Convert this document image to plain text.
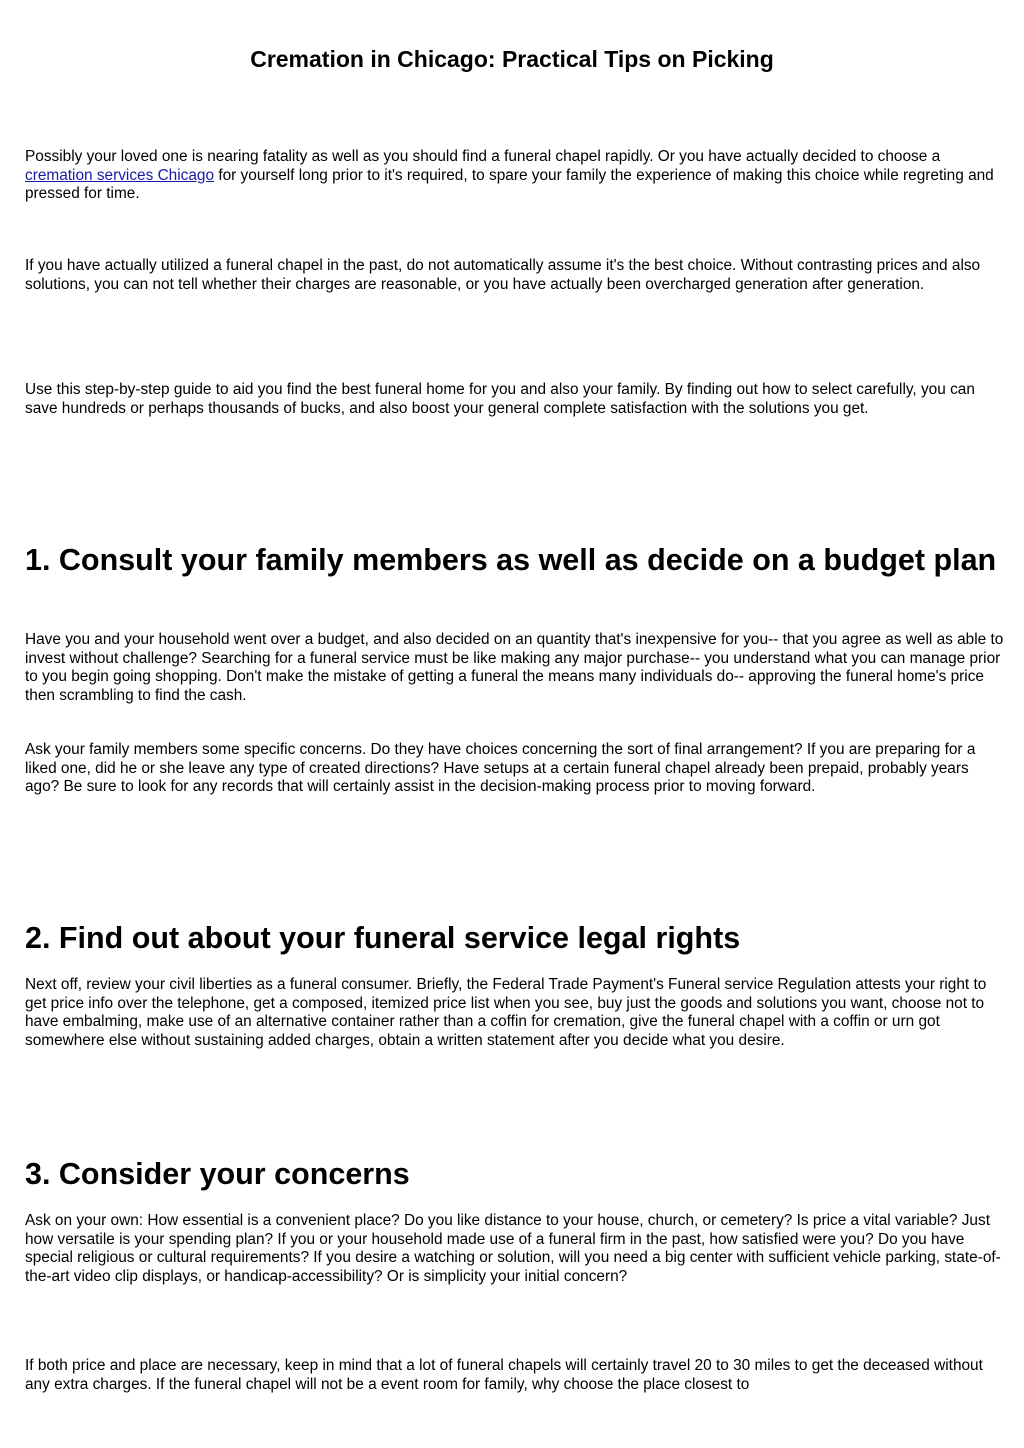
Cremation in Chicago: Practical Tips on Picking

Possibly your loved one is nearing fatality as well as you should find a funeral chapel rapidly. Or you have actually decided to choose a cremation services Chicago for yourself long prior to it's required, to spare your family the experience of making this choice while regreting and pressed for time.

If you have actually utilized a funeral chapel in the past, do not automatically assume it's the best choice. Without contrasting prices and also solutions, you can not tell whether their charges are reasonable, or you have actually been overcharged generation after generation.

Use this step-by-step guide to aid you find the best funeral home for you and also your family. By finding out how to select carefully, you can save hundreds or perhaps thousands of bucks, and also boost your general complete satisfaction with the solutions you get.

1. Consult your family members as well as decide on a budget plan

Have you and your household went over a budget, and also decided on an quantity that's inexpensive for you-- that you agree as well as able to invest without challenge? Searching for a funeral service must be like making any major purchase-- you understand what you can manage prior to you begin going shopping. Don't make the mistake of getting a funeral the means many individuals do-- approving the funeral home's price then scrambling to find the cash.

Ask your family members some specific concerns. Do they have choices concerning the sort of final arrangement? If you are preparing for a liked one, did he or she leave any type of created directions? Have setups at a certain funeral chapel already been prepaid, probably years ago? Be sure to look for any records that will certainly assist in the decision-making process prior to moving forward.

2. Find out about your funeral service legal rights

Next off, review your civil liberties as a funeral consumer. Briefly, the Federal Trade Payment's Funeral service Regulation attests your right to get price info over the telephone, get a composed, itemized price list when you see, buy just the goods and solutions you want, choose not to have embalming, make use of an alternative container rather than a coffin for cremation, give the funeral chapel with a coffin or urn got somewhere else without sustaining added charges, obtain a written statement after you decide what you desire.

3. Consider your concerns

Ask on your own: How essential is a convenient place? Do you like distance to your house, church, or cemetery? Is price a vital variable? Just how versatile is your spending plan? If you or your household made use of a funeral firm in the past, how satisfied were you? Do you have special religious or cultural requirements? If you desire a watching or solution, will you need a big center with sufficient vehicle parking, state-of-the-art video clip displays, or handicap-accessibility? Or is simplicity your initial concern?

If both price and place are necessary, keep in mind that a lot of funeral chapels will certainly travel 20 to 30 miles to get the deceased without any extra charges. If the funeral chapel will not be a event room for family, why choose the place closest to
